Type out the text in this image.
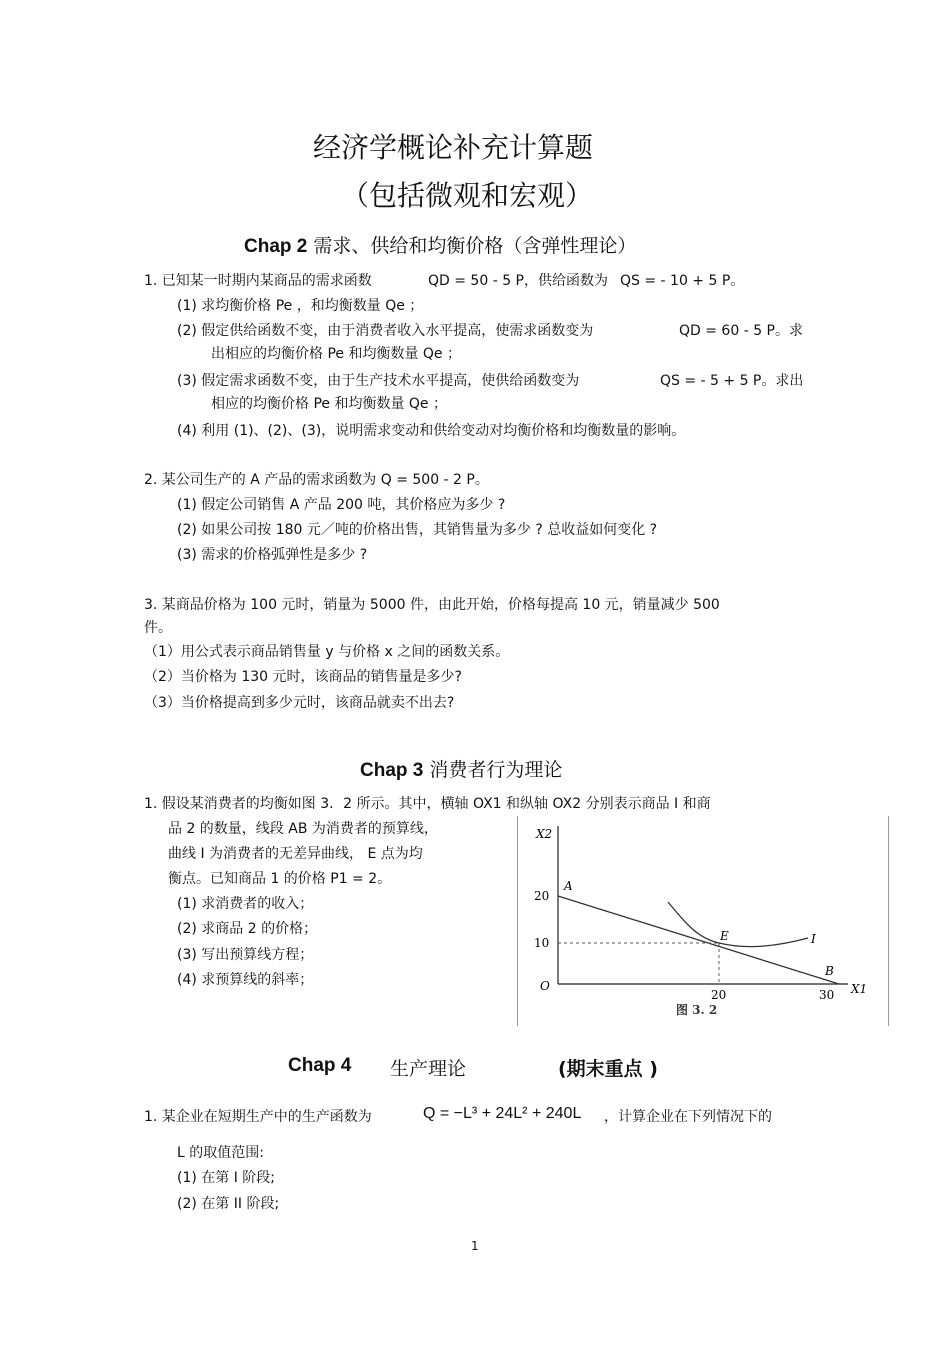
经济学概论补充计算题
（包括微观和宏观）
Chap 2 需求、供给和均衡价格（含弹性理论）
1. 已知某一时期内某商品的需求函数	QD = 50 - 5 P，供给函数为 QS = - 10 + 5 P。
(1) 求均衡价格 Pe ，和均衡数量 Qe ；
(2) 假定供给函数不变，由于消费者收入水平提高，使需求函数变为	QD = 60 - 5 P。求
出相应的均衡价格 Pe 和均衡数量 Qe ；
(3) 假定需求函数不变，由于生产技术水平提高，使供给函数变为	QS = - 5 + 5 P。求出
相应的均衡价格 Pe 和均衡数量 Qe ；
(4) 利用 (1)、(2)、(3)，说明需求变动和供给变动对均衡价格和均衡数量的影响。
2. 某公司生产的 A 产品的需求函数为 Q = 500 - 2 P。
(1) 假定公司销售 A 产品 200 吨，其价格应为多少 ?
(2) 如果公司按 180 元／吨的价格出售，其销售量为多少 ? 总收益如何变化 ?
(3) 需求的价格弧弹性是多少 ?
3. 某商品价格为 100 元时，销量为 5000 件，由此开始，价格每提高 10 元，销量减少 500
件。
（1）用公式表示商品销售量 y 与价格 x 之间的函数关系。
（2）当价格为 130 元时，该商品的销售量是多少?
（3）当价格提高到多少元时，该商品就卖不出去?
Chap 3 消费者行为理论
1. 假设某消费者的均衡如图 3．2 所示。其中，横轴 OX1 和纵轴 OX2 分别表示商品 I 和商
品 2 的数量，线段 AB 为消费者的预算线，
曲线 I 为消费者的无差异曲线， E 点为均
衡点。已知商品 1 的价格 P1 = 2。
(1) 求消费者的收入；
(2) 求商品 2 的价格；
(3) 写出预算线方程；
(4) 求预算线的斜率；
X2
X1
O
A
B
E	I
20
10
20	30
图 3. 2
Chap 4 生产理论	(期末重点 )
1. 某企业在短期生产中的生产函数为	Q = −L³ + 24L² + 240L ，计算企业在下列情况下的
L 的取值范围:
(1) 在第 I 阶段;
(2) 在第 II 阶段;
1
